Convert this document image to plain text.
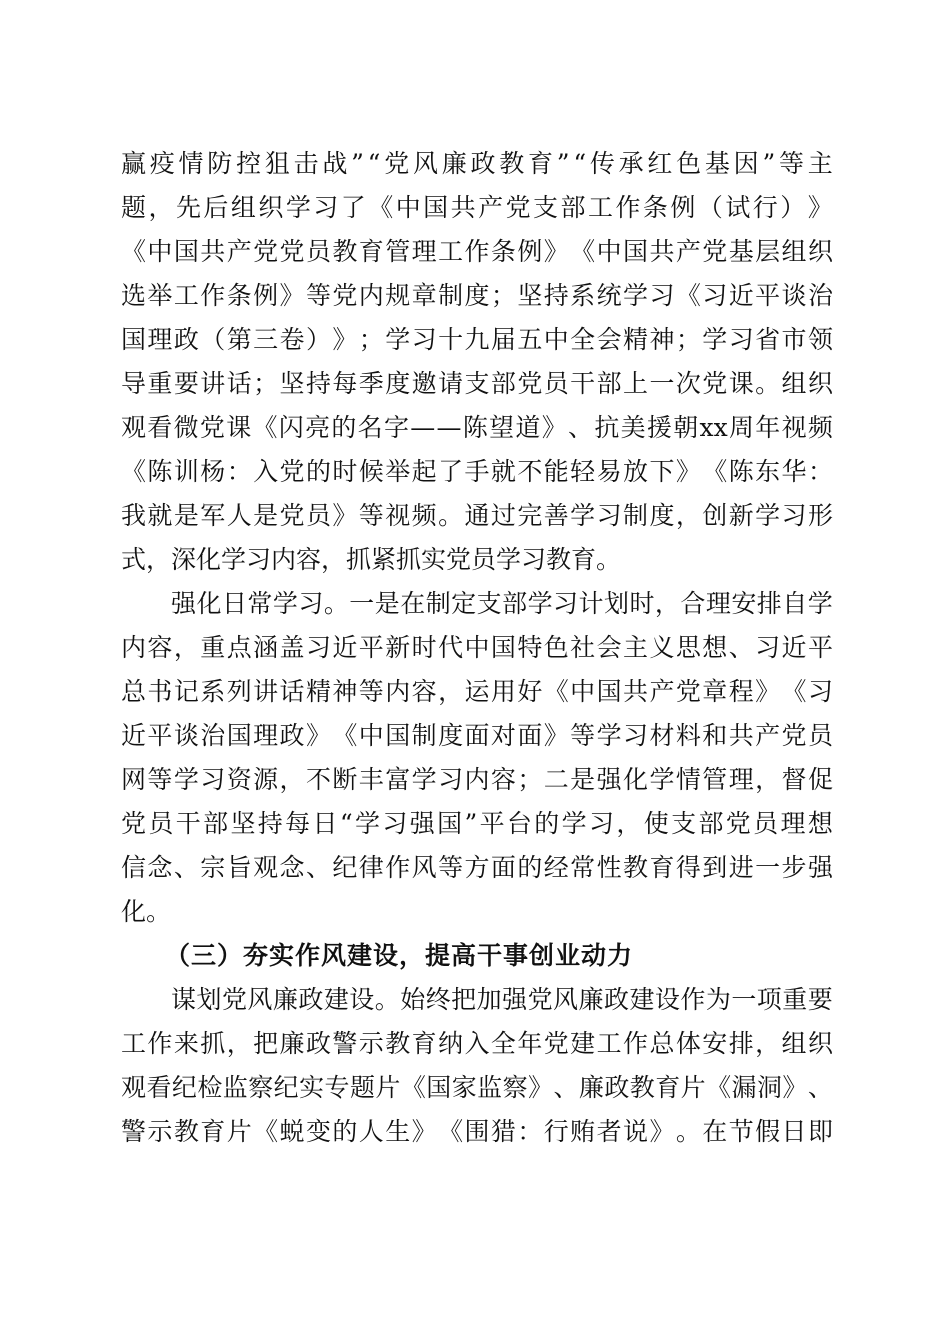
赢 疫 情 防 控 狙 击 战 ” “ 党 风 廉 政 教 育 ” “ 传 承 红 色 基 因 ” 等 主
题 ， 先 后 组 织 学 习 了 《 中 国 共 产 党 支 部 工 作 条 例 （ 试 行 ） 》
《 中 国 共 产 党 党 员 教 育 管 理 工 作 条 例 》 《 中 国 共 产 党 基 层 组 织
选 举 工 作 条 例 》 等 党 内 规 章 制 度 ； 坚 持 系 统 学 习 《 习 近 平 谈 治
国 理 政 （ 第 三 卷 ） 》 ； 学 习 十 九 届 五 中 全 会 精 神 ； 学 习 省 市 领
导 重 要 讲 话 ； 坚 持 每 季 度 邀 请 支 部 党 员 干 部 上 一 次 党 课 。 组 织
观 看 微 党 课 《 闪 亮 的 名 字 — — 陈 望 道 》 、 抗 美 援 朝 xx 周 年 视 频
《 陈 训 杨 ： 入 党 的 时 候 举 起 了 手 就 不 能 轻 易 放 下 》 《 陈 东 华 ：
我 就 是 军 人 是 党 员 》 等 视 频 。 通 过 完 善 学 习 制 度 ， 创 新 学 习 形
式，深化学习内容，抓紧抓实党员学习教育。
强 化 日 常 学 习 。 一 是 在 制 定 支 部 学 习 计 划 时 ， 合 理 安 排 自 学
内 容 ， 重 点 涵 盖 习 近 平 新 时 代 中 国 特 色 社 会 主 义 思 想 、 习 近 平
总 书 记 系 列 讲 话 精 神 等 内 容 ， 运 用 好 《 中 国 共 产 党 章 程 》 《 习
近 平 谈 治 国 理 政 》 《 中 国 制 度 面 对 面 》 等 学 习 材 料 和 共 产 党 员
网 等 学 习 资 源 ， 不 断 丰 富 学 习 内 容 ； 二 是 强 化 学 情 管 理 ， 督 促
党 员 干 部 坚 持 每 日 “ 学 习 强 国 ” 平 台 的 学 习 ， 使 支 部 党 员 理 想
信 念 、 宗 旨 观 念 、 纪 律 作 风 等 方 面 的 经 常 性 教 育 得 到 进 一 步 强
化。
（三）夯实作风建设，提高干事创业动力
谋 划 党 风 廉 政 建 设 。 始 终 把 加 强 党 风 廉 政 建 设 作 为 一 项 重 要
工 作 来 抓 ， 把 廉 政 警 示 教 育 纳 入 全 年 党 建 工 作 总 体 安 排 ， 组 织
观 看 纪 检 监 察 纪 实 专 题 片 《 国 家 监 察 》 、 廉 政 教 育 片 《 漏 洞 》 、
警 示 教 育 片 《 蜕 变 的 人 生 》 《 围 猎 ： 行 贿 者 说 》 。 在 节 假 日 即
